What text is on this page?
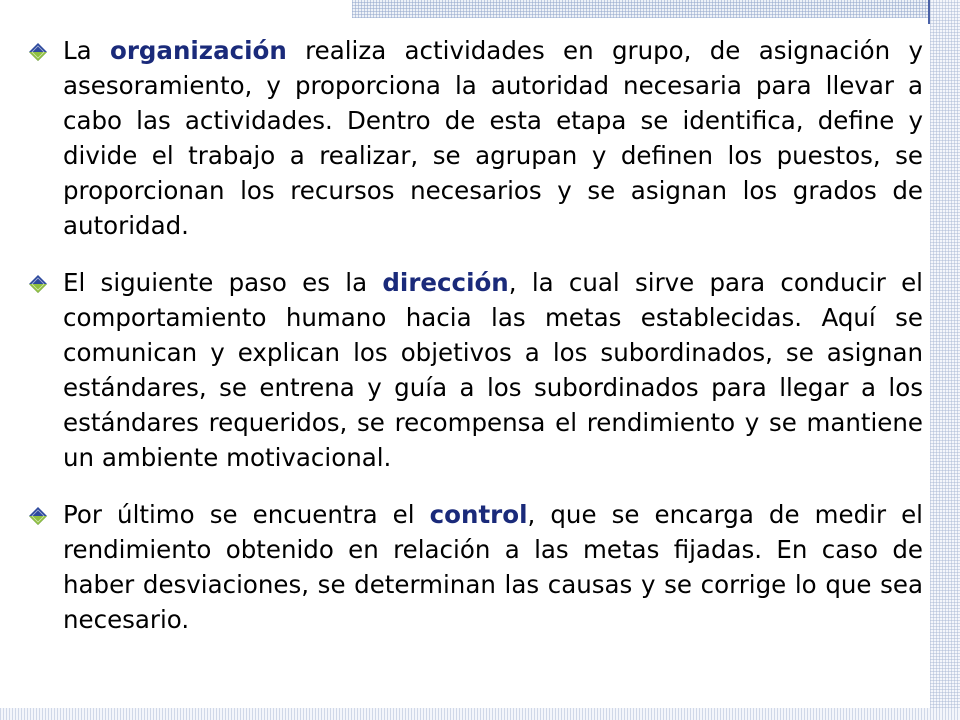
La organización realiza actividades en grupo, de asignación y asesoramiento, y proporciona la autoridad necesaria para llevar a cabo las actividades. Dentro de esta etapa se identifica, define y divide el trabajo a realizar, se agrupan y definen los puestos, se proporcionan los recursos necesarios y se asignan los grados de autoridad.

El siguiente paso es la dirección, la cual sirve para conducir el comportamiento humano hacia las metas establecidas. Aquí se comunican y explican los objetivos a los subordinados, se asignan estándares, se entrena y guía a los subordinados para llegar a los estándares requeridos, se recompensa el rendimiento y se mantiene un ambiente motivacional.

Por último se encuentra el control, que se encarga de medir el rendimiento obtenido en relación a las metas fijadas. En caso de haber desviaciones, se determinan las causas y se corrige lo que sea necesario.
